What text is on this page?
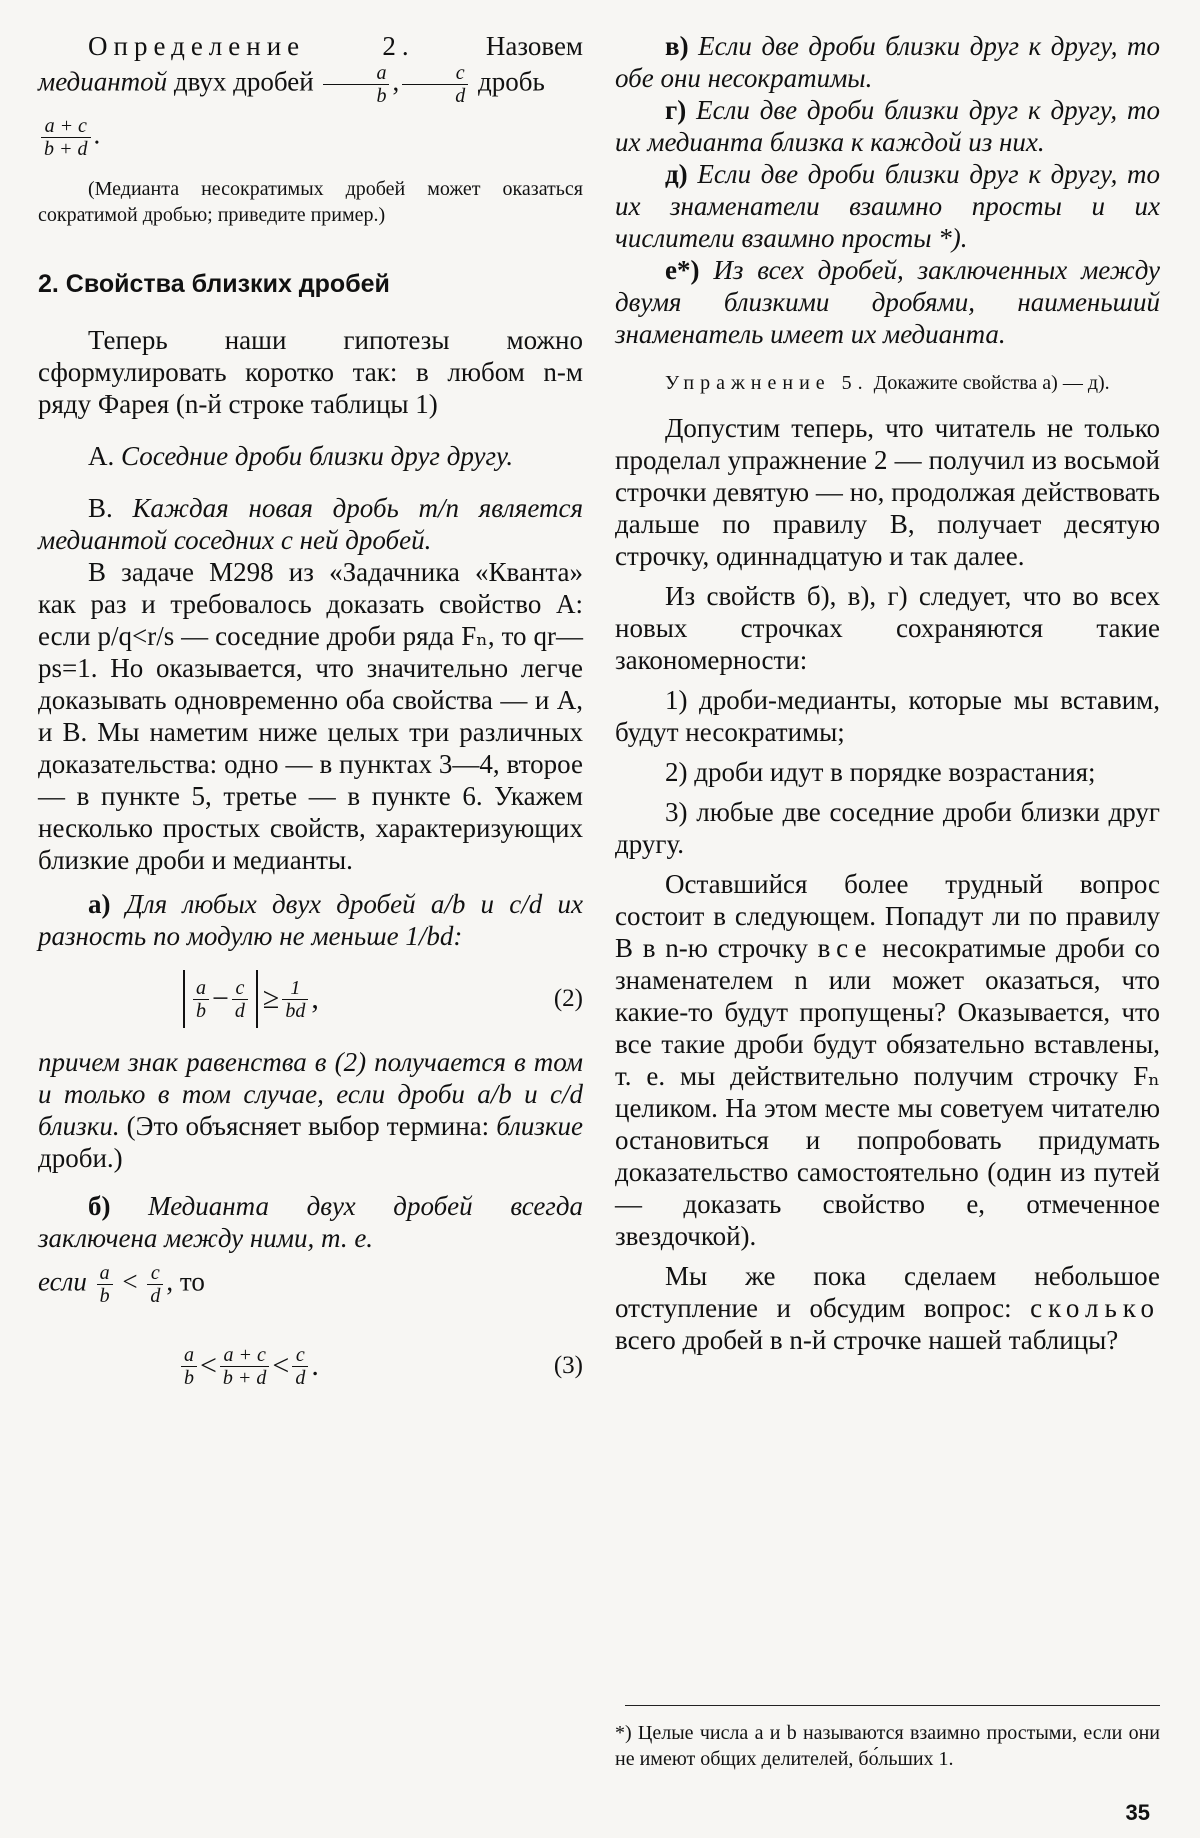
Определение 2.	Назовем медиантой двух дробей $\frac{a}{b}$ , $\frac{c}{d}$ дробь

$\frac{a + c}{b + d}$ .

(Медианта несократимых дробей может оказаться сократимой дробью; приведите пример.)

2. Свойства близких дробей

Теперь наши гипотезы можно сформулировать коротко так: в любом n-м ряду Фарея (n-й строке таблицы 1)

А. Соседние дроби близки друг другу.

В. Каждая новая дробь m/n является медиантой соседних с ней дробей.

В задаче М298 из «Задачника «Кванта» как раз и требовалось доказать свойство А: если p/q<r/s — соседние дроби ряда Fₙ, то qr—ps=1. Но оказывается, что значительно легче доказывать одновременно оба свойства — и А, и В. Мы наметим ниже целых три различных доказательства: одно — в пунктах 3—4, второе — в пункте 5, третье — в пункте 6. Укажем несколько простых свойств, характеризующих близкие дроби и медианты.

а) Для любых двух дробей a/b и c/d их разность по модулю не меньше 1/bd:

$\frac{a}{b} - \frac{c}{d} \ge \frac{1}{bd}$ ,	(2)

причем знак равенства в (2) получается в том и только в том случае, если дроби a/b и c/d близки. (Это объясняет выбор термина: близкие дроби.)

б) Медианта двух дробей всегда заключена между ними, т. е.

если $\frac{a}{b} < \frac{c}{d}$ , то

$\frac{a}{b} < \frac{a + c}{b + d} < \frac{c}{d}$ .	(3)

в) Если две дроби близки друг к другу, то обе они несократимы.

г) Если две дроби близки друг к другу, то их медианта близка к каждой из них.

д) Если две дроби близки друг к другу, то их знаменатели взаимно просты и их числители взаимно просты *).

е*) Из всех дробей, заключенных между двумя близкими дробями, наименьший знаменатель имеет их медианта.

Упражнение 5. Докажите свойства а) — д).

Допустим теперь, что читатель не только проделал упражнение 2 — получил из восьмой строчки девятую — но, продолжая действовать дальше по правилу В, получает десятую строчку, одиннадцатую и так далее.

Из свойств б), в), г) следует, что во всех новых строчках сохраняются такие закономерности:

1) дроби-медианты, которые мы вставим, будут несократимы;

2) дроби идут в порядке возрастания;

3) любые две соседние дроби близки друг другу.

Оставшийся более трудный вопрос состоит в следующем. Попадут ли по правилу В в n-ю строчку все несократимые дроби со знаменателем n или может оказаться, что какие-то будут пропущены? Оказывается, что все такие дроби будут обязательно вставлены, т. е. мы действительно получим строчку Fₙ целиком. На этом месте мы советуем читателю остановиться и попробовать придумать доказательство самостоятельно (один из путей — доказать свойство е, отмеченное звездочкой).

Мы же пока сделаем небольшое отступление и обсудим вопрос: сколько всего дробей в n-й строчке нашей таблицы?

*) Целые числа a и b называются взаимно простыми, если они не имеют общих делителей, бо́льших 1.

35
